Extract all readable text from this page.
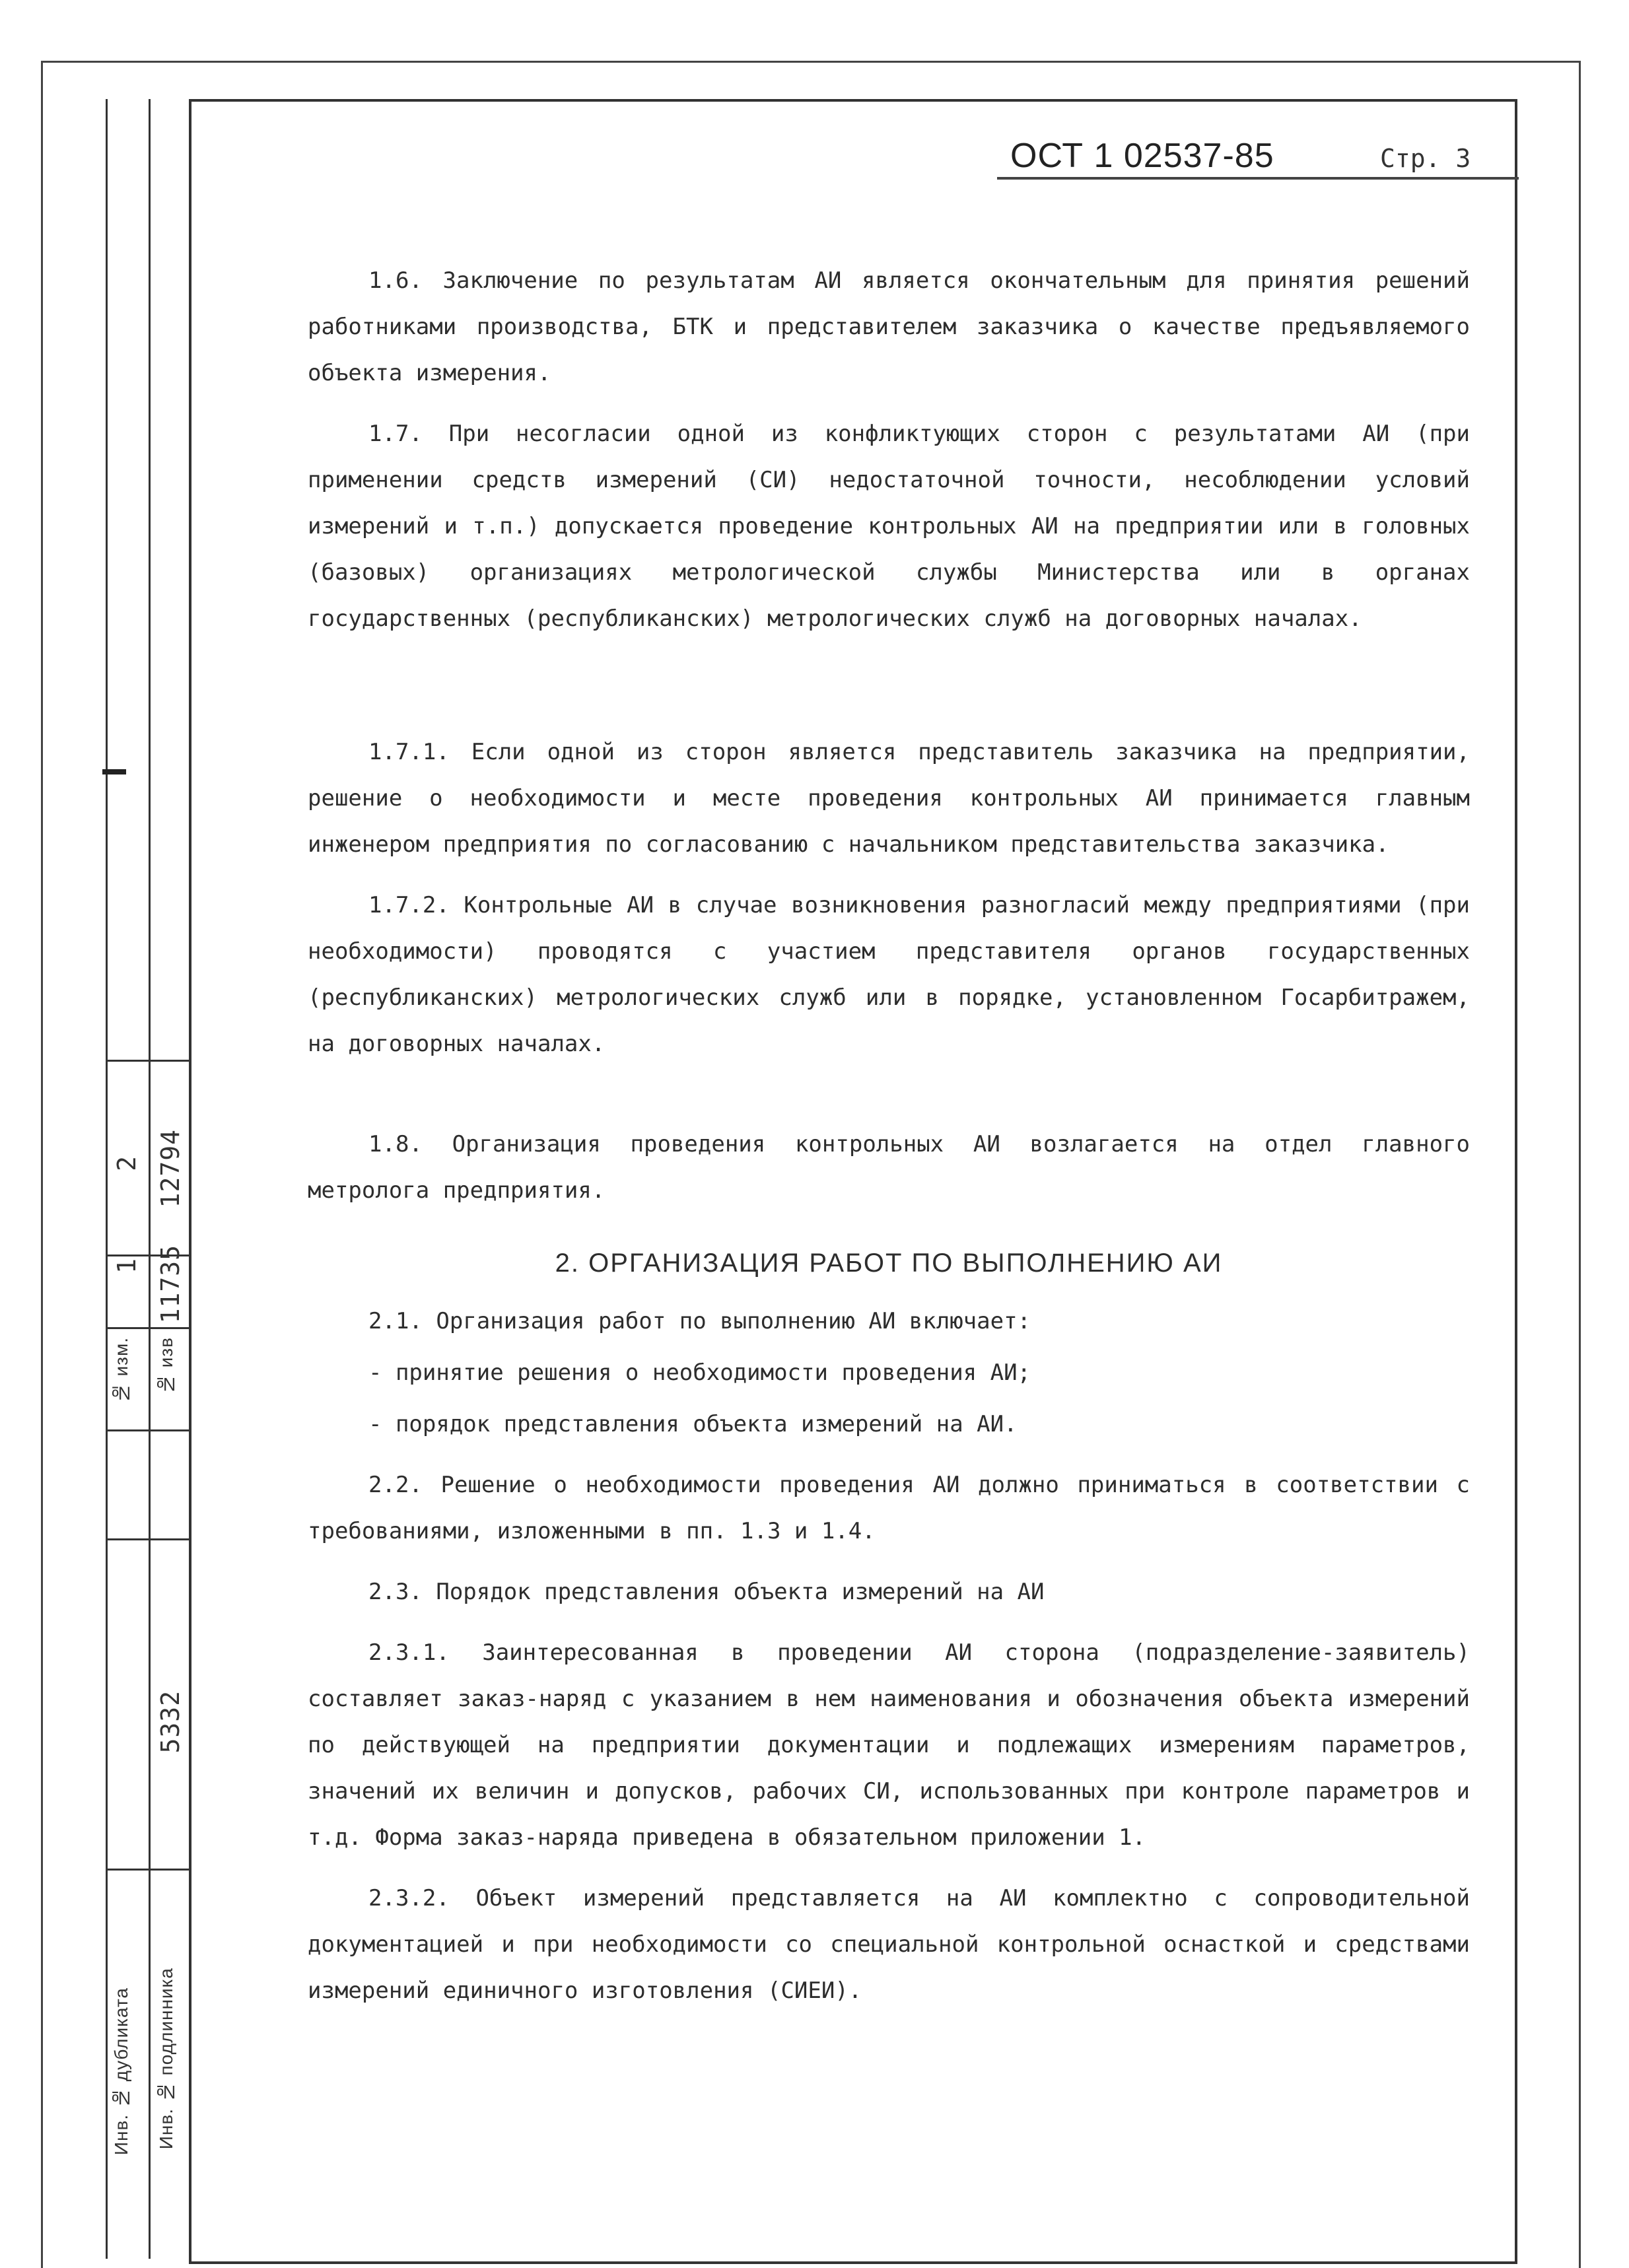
№ изм. № изв
1
2
11735
12794
5332
Инв. № дубликата Инв. № подлинника
ОСТ 1 02537-85	Стр. 3

1.6. Заключение по результатам АИ является окончательным для принятия решений работниками производства, БТК и представителем заказчика о качестве предъявляемого объекта измерения.

1.7. При несогласии одной из конфликтующих сторон с результатами АИ (при применении средств измерений (СИ) недостаточной точности, несоблюдении условий измерений и т.п.) допускается проведение контрольных АИ на предприятии или в головных (базовых) организациях метрологической службы Министерства или в органах государственных (республиканских) метрологических служб на договорных началах.

1.7.1. Если одной из сторон является представитель заказчика на предприятии, решение о необходимости и месте проведения контрольных АИ принимается главным инженером предприятия по согласованию с начальником представительства заказчика.

1.7.2. Контрольные АИ в случае возникновения разногласий между предприятиями (при необходимости) проводятся с участием представителя органов государственных (республиканских) метрологических служб или в порядке, установленном Госарбитражем, на договорных началах.

1.8. Организация проведения контрольных АИ возлагается на отдел главного метролога предприятия.

2. ОРГАНИЗАЦИЯ РАБОТ ПО ВЫПОЛНЕНИЮ АИ

2.1. Организация работ по выполнению АИ включает:

- принятие решения о необходимости проведения АИ;

- порядок представления объекта измерений на АИ.

2.2. Решение о необходимости проведения АИ должно приниматься в соответствии с требованиями, изложенными в пп. 1.3 и 1.4.

2.3. Порядок представления объекта измерений на АИ

2.3.1. Заинтересованная в проведении АИ сторона (подразделение-заявитель) составляет заказ-наряд с указанием в нем наименования и обозначения объекта измерений по действующей на предприятии документации и подлежащих измерениям параметров, значений их величин и допусков, рабочих СИ, использованных при контроле параметров и т.д. Форма заказ-наряда приведена в обязательном приложении 1.

2.3.2. Объект измерений представляется на АИ комплектно с сопроводительной документацией и при необходимости со специальной контрольной оснасткой и средствами измерений единичного изготовления (СИЕИ).
